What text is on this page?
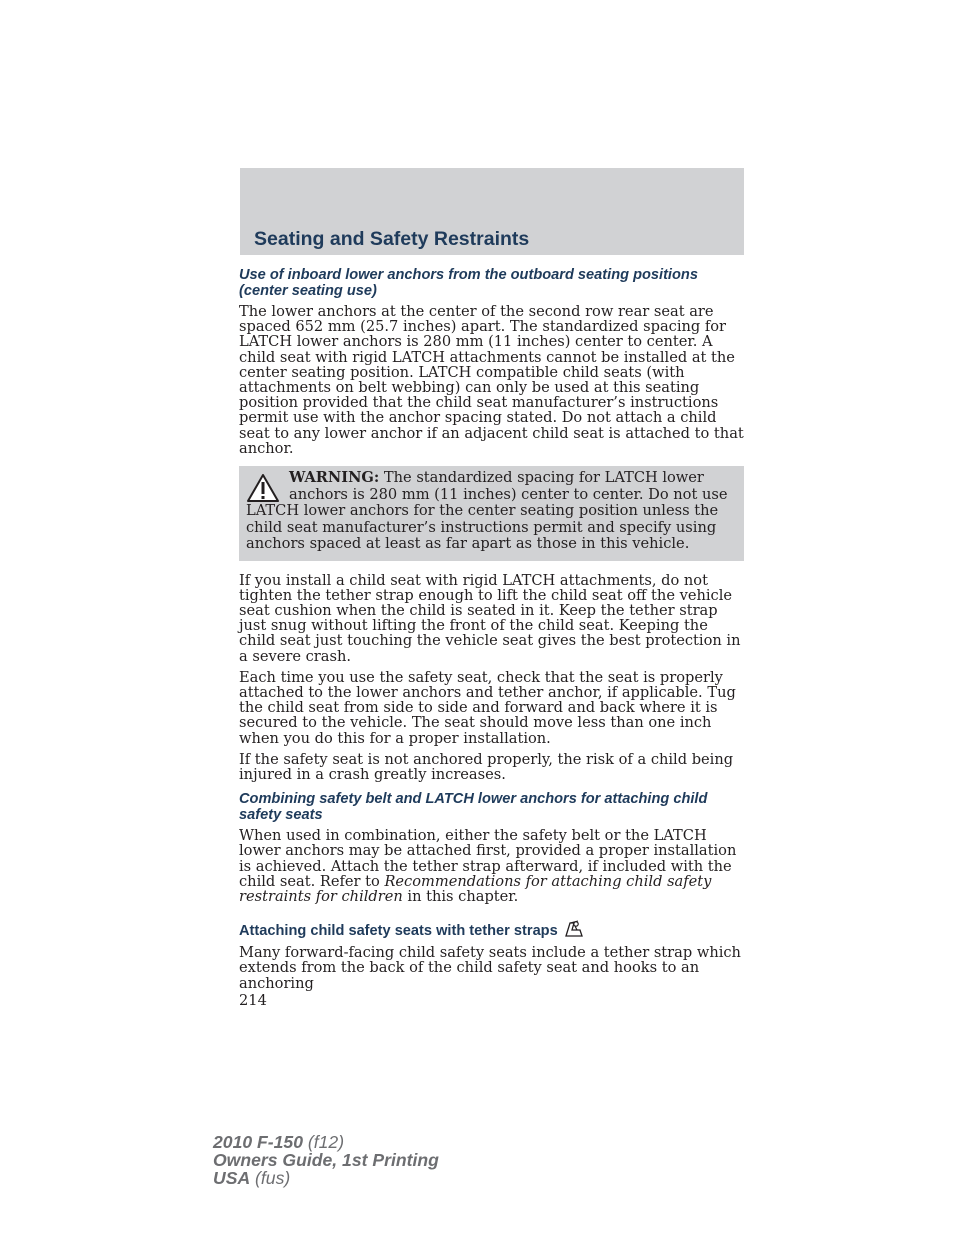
Seating and Safety Restraints
Use of inboard lower anchors from the outboard seating positions (center seating use)

The lower anchors at the center of the second row rear seat are spaced 652 mm (25.7 inches) apart. The standardized spacing for LATCH lower anchors is 280 mm (11 inches) center to center. A child seat with rigid LATCH attachments cannot be installed at the center seating position. LATCH compatible child seats (with attachments on belt webbing) can only be used at this seating position provided that the child seat manufacturer’s instructions permit use with the anchor spacing stated. Do not attach a child seat to any lower anchor if an adjacent child seat is attached to that anchor.

WARNING: The standardized spacing for LATCH lower anchors is 280 mm (11 inches) center to center. Do not use LATCH lower anchors for the center seating position unless the child seat manufacturer’s instructions permit and specify using anchors spaced at least as far apart as those in this vehicle.

If you install a child seat with rigid LATCH attachments, do not tighten the tether strap enough to lift the child seat off the vehicle seat cushion when the child is seated in it. Keep the tether strap just snug without lifting the front of the child seat. Keeping the child seat just touching the vehicle seat gives the best protection in a severe crash.

Each time you use the safety seat, check that the seat is properly attached to the lower anchors and tether anchor, if applicable. Tug the child seat from side to side and forward and back where it is secured to the vehicle. The seat should move less than one inch when you do this for a proper installation.

If the safety seat is not anchored properly, the risk of a child being injured in a crash greatly increases.

Combining safety belt and LATCH lower anchors for attaching child safety seats

When used in combination, either the safety belt or the LATCH lower anchors may be attached first, provided a proper installation is achieved. Attach the tether strap afterward, if included with the child seat. Refer to Recommendations for attaching child safety restraints for children in this chapter.

Attaching child safety seats with tether straps

Many forward-facing child safety seats include a tether strap which extends from the back of the child safety seat and hooks to an anchoring

214

2010 F-150 (f12)
Owners Guide, 1st Printing
USA (fus)
